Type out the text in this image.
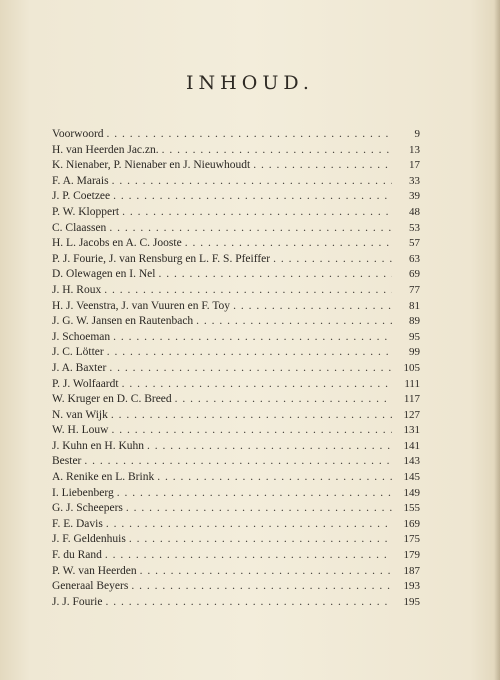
INHOUD.
Voorwoord . . .	9
H. van Heerden Jac.zn. . . .	13
K. Nienaber, P. Nienaber en J. Nieuwhoudt . . .	17
F. A. Marais . . .	33
J. P. Coetzee . . .	39
P. W. Kloppert . . .	48
C. Claassen . . .	53
H. L. Jacobs en A. C. Jooste . . .	57
P. J. Fourie, J. van Rensburg en L. F. S. Pfeiffer . . .	63
D. Olewagen en I. Nel . . .	69
J. H. Roux . . .	77
H. J. Veenstra, J. van Vuuren en F. Toy . . .	81
J. G. W. Jansen en Rautenbach . . .	89
J. Schoeman . . .	95
J. C. Lötter . . .	99
J. A. Baxter . . .	105
P. J. Wolfaardt . . .	111
W. Kruger en D. C. Breed . . .	117
N. van Wijk . . .	127
W. H. Louw . . .	131
J. Kuhn en H. Kuhn . . .	141
Bester . . .	143
A. Renike en L. Brink . . .	145
I. Liebenberg . . .	149
G. J. Scheepers . . .	155
F. E. Davis . . .	169
J. F. Geldenhuis . . .	175
F. du Rand . . .	179
P. W. van Heerden . . .	187
Generaal Beyers . . .	193
J. J. Fourie . . .	195
